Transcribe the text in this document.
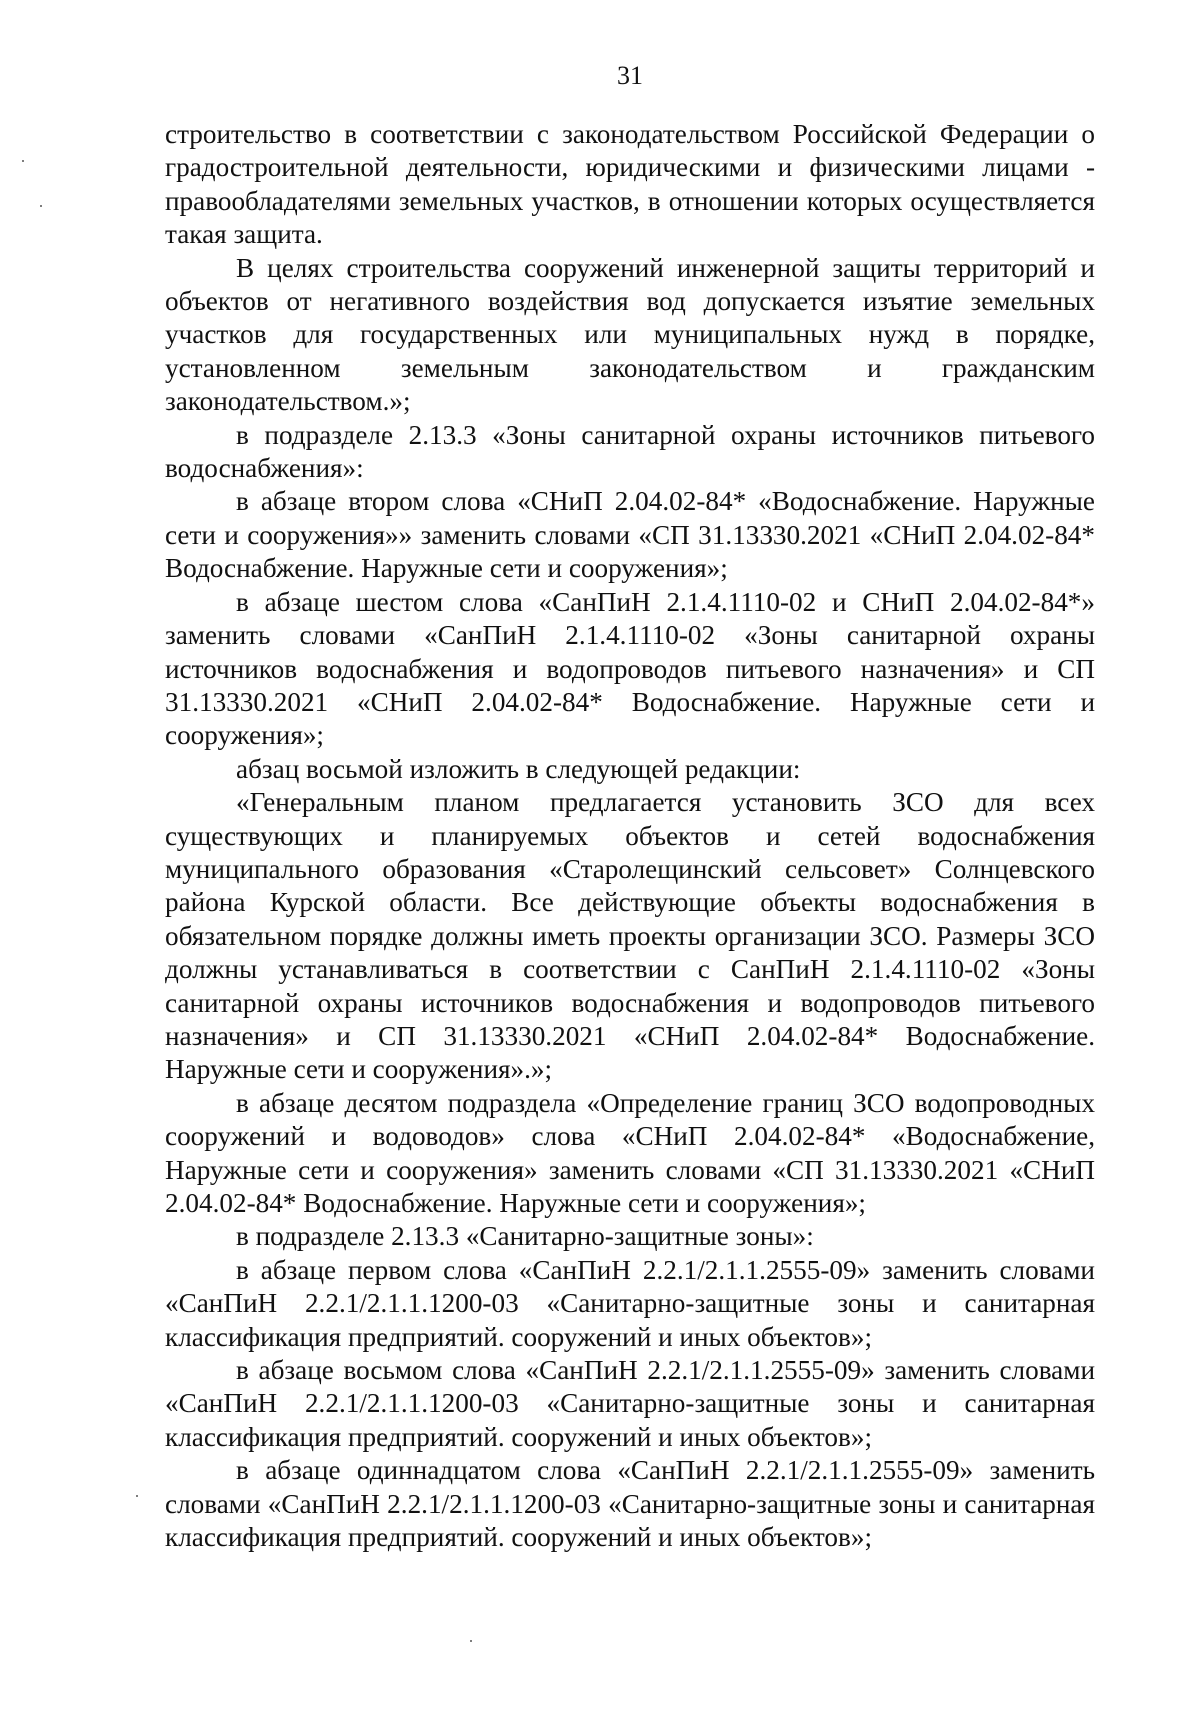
31

строительство в соответствии с законодательством Российской Федерации о градостроительной деятельности, юридическими и физическими лицами - правообладателями земельных участков, в отношении которых осуществляется такая защита.

В целях строительства сооружений инженерной защиты территорий и объектов от негативного воздействия вод допускается изъятие земельных участков для государственных или муниципальных нужд в порядке, установленном земельным законодательством и гражданским законодательством.»;

в подразделе 2.13.3 «Зоны санитарной охраны источников питьевого водоснабжения»:

в абзаце втором слова «СНиП 2.04.02-84* «Водоснабжение. Наружные сети и сооружения»» заменить словами «СП 31.13330.2021 «СНиП 2.04.02-84* Водоснабжение. Наружные сети и сооружения»;

в абзаце шестом слова «СанПиН 2.1.4.1110-02 и СНиП 2.04.02-84*» заменить словами «СанПиН 2.1.4.1110-02 «Зоны санитарной охраны источников водоснабжения и водопроводов питьевого назначения» и СП 31.13330.2021 «СНиП 2.04.02-84* Водоснабжение. Наружные сети и сооружения»;

абзац восьмой изложить в следующей редакции:

«Генеральным планом предлагается установить ЗСО для всех существующих и планируемых объектов и сетей водоснабжения муниципального образования «Старолещинский сельсовет» Солнцевского района Курской области. Все действующие объекты водоснабжения в обязательном порядке должны иметь проекты организации ЗСО. Размеры ЗСО должны устанавливаться в соответствии с СанПиН 2.1.4.1110-02 «Зоны санитарной охраны источников водоснабжения и водопроводов питьевого назначения» и СП 31.13330.2021 «СНиП 2.04.02-84* Водоснабжение. Наружные сети и сооружения».»;

в абзаце десятом подраздела «Определение границ ЗСО водопроводных сооружений и водоводов» слова «СНиП 2.04.02-84* «Водоснабжение, Наружные сети и сооружения» заменить словами «СП 31.13330.2021 «СНиП 2.04.02-84* Водоснабжение. Наружные сети и сооружения»;

в подразделе 2.13.3 «Санитарно-защитные зоны»:

в абзаце первом слова «СанПиН 2.2.1/2.1.1.2555-09» заменить словами «СанПиН 2.2.1/2.1.1.1200-03 «Санитарно-защитные зоны и санитарная классификация предприятий. сооружений и иных объектов»;

в абзаце восьмом слова «СанПиН 2.2.1/2.1.1.2555-09» заменить словами «СанПиН 2.2.1/2.1.1.1200-03 «Санитарно-защитные зоны и санитарная классификация предприятий. сооружений и иных объектов»;

в абзаце одиннадцатом слова «СанПиН 2.2.1/2.1.1.2555-09» заменить словами «СанПиН 2.2.1/2.1.1.1200-03 «Санитарно-защитные зоны и санитарная классификация предприятий. сооружений и иных объектов»;
